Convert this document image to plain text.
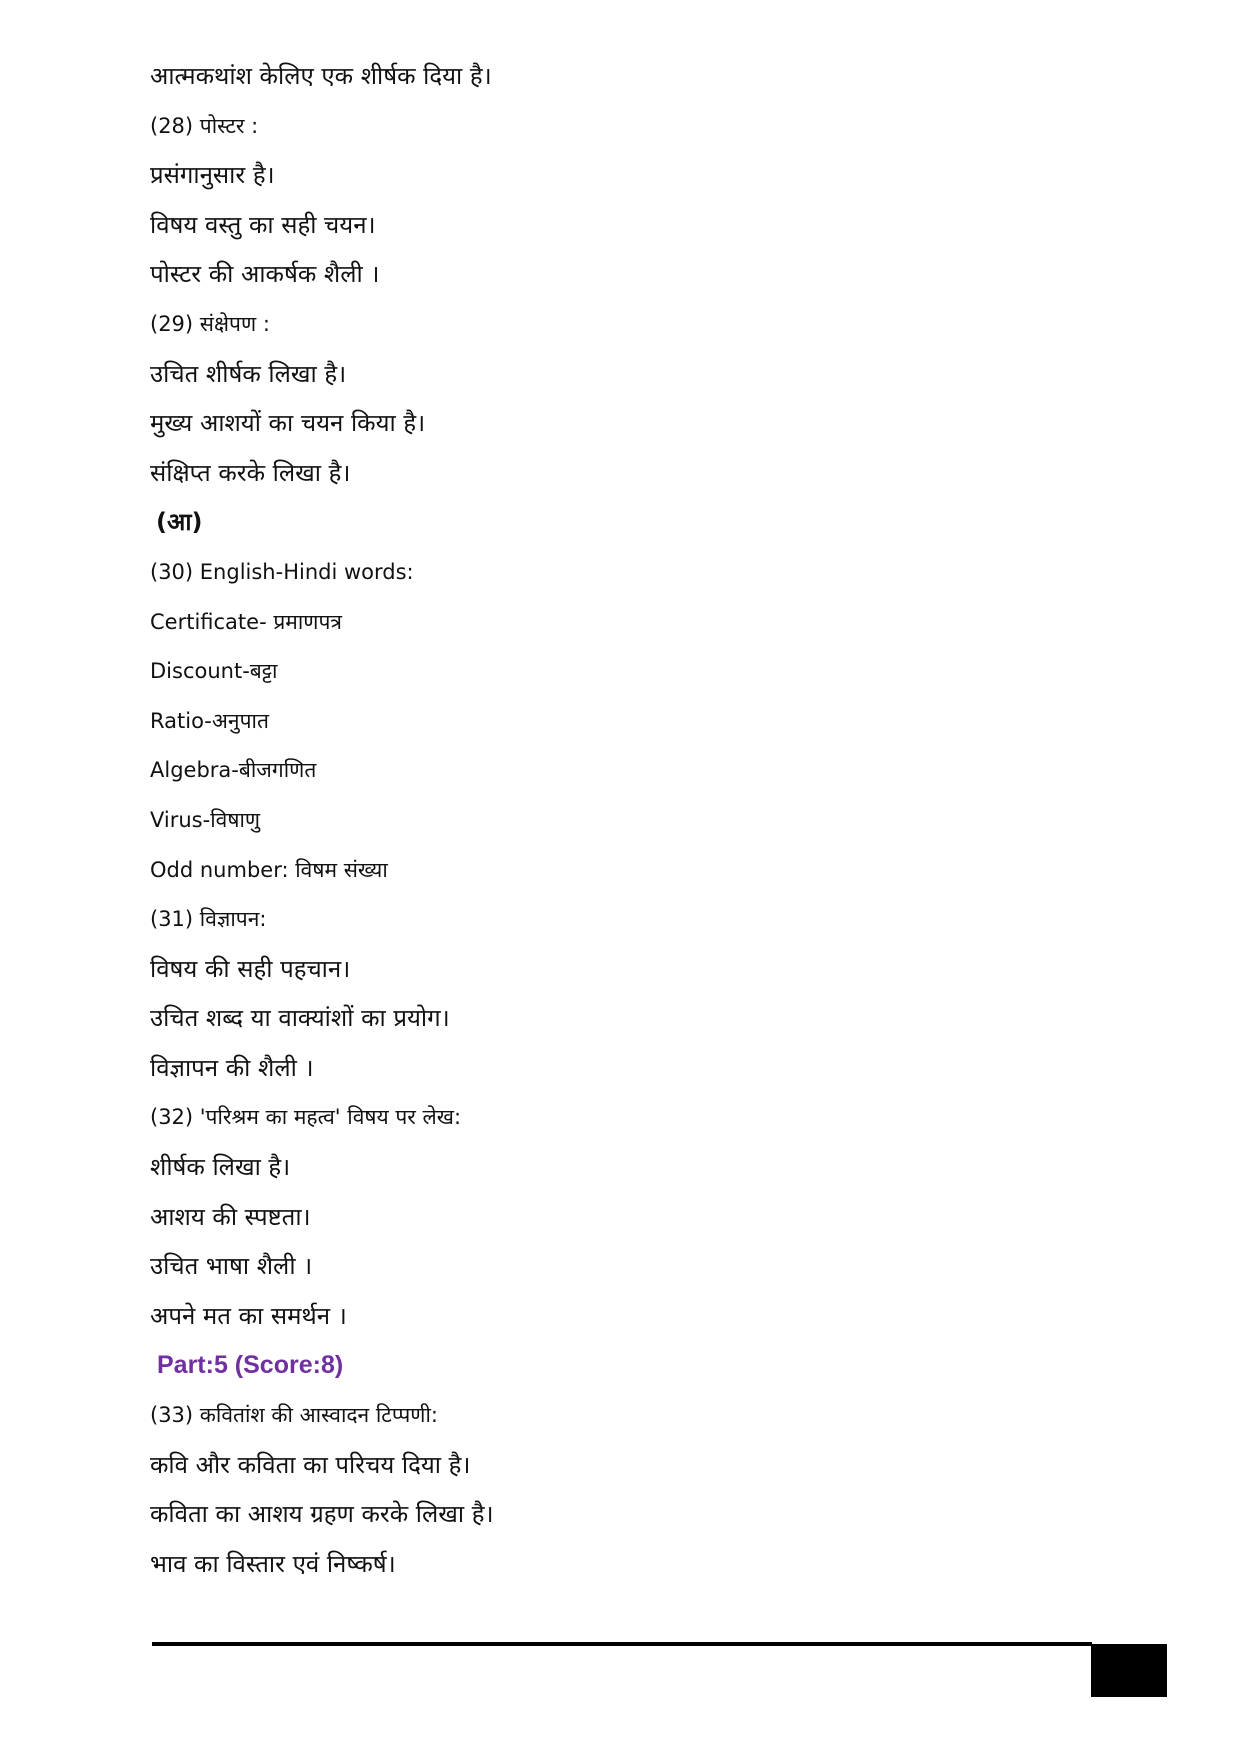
आत्मकथांश केलिए एक शीर्षक दिया है।

(28) पोस्टर :

प्रसंगानुसार है।

विषय वस्तु का सही चयन।

पोस्टर की आकर्षक शैली ।

(29) संक्षेपण :

उचित शीर्षक लिखा है।

मुख्य आशयों का चयन किया है।

संक्षिप्त करके लिखा है।

(आ)

(30) English-Hindi words:

Certificate- प्रमाणपत्र

Discount-बट्टा

Ratio-अनुपात

Algebra-बीजगणित

Virus-विषाणु

Odd number: विषम संख्या

(31) विज्ञापन:

विषय की सही पहचान।

उचित शब्द या वाक्यांशों का प्रयोग।

विज्ञापन की शैली ।

(32) 'परिश्रम का महत्व' विषय पर लेख:

शीर्षक लिखा है।

आशय की स्पष्टता।

उचित भाषा शैली ।

अपने मत का समर्थन ।

Part:5 (Score:8)

(33) कवितांश की आस्वादन टिप्पणी:

कवि और कविता का परिचय दिया है।

कविता का आशय ग्रहण करके लिखा है।

भाव का विस्तार एवं निष्कर्ष।
